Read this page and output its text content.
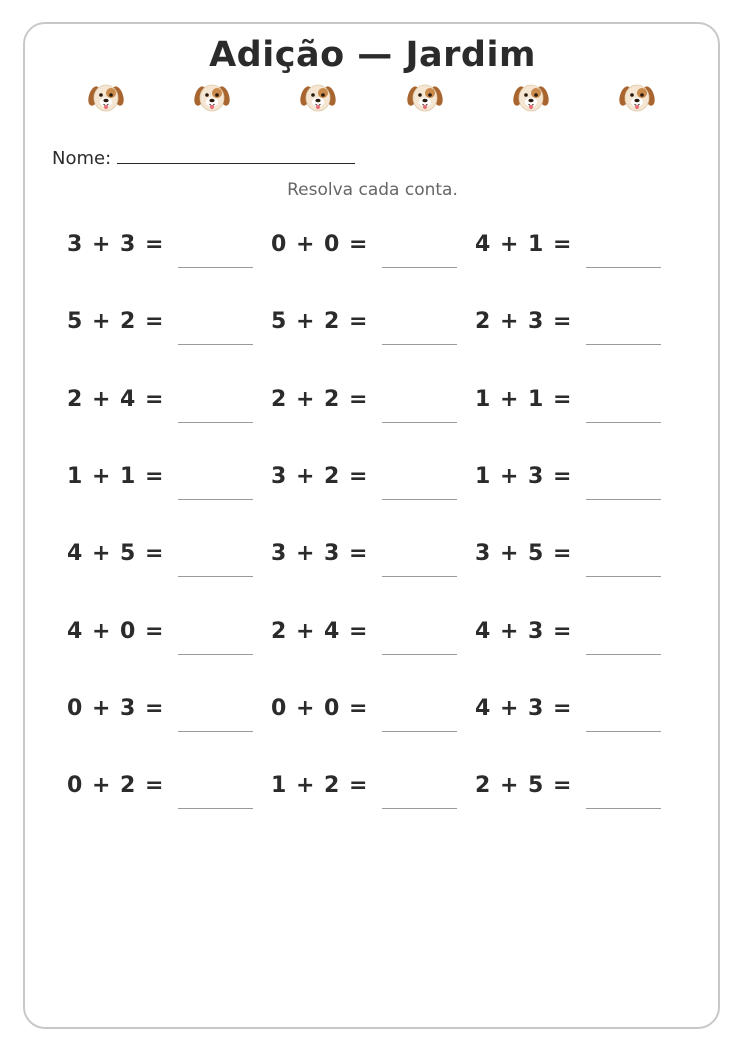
Adição — Jardim
Nome:
Resolva cada conta.
3 + 3 =	0 + 0 =	4 + 1 =
5 + 2 =	5 + 2 =	2 + 3 =
2 + 4 =	2 + 2 =	1 + 1 =
1 + 1 =	3 + 2 =	1 + 3 =
4 + 5 =	3 + 3 =	3 + 5 =
4 + 0 =	2 + 4 =	4 + 3 =
0 + 3 =	0 + 0 =	4 + 3 =
0 + 2 =	1 + 2 =	2 + 5 =
